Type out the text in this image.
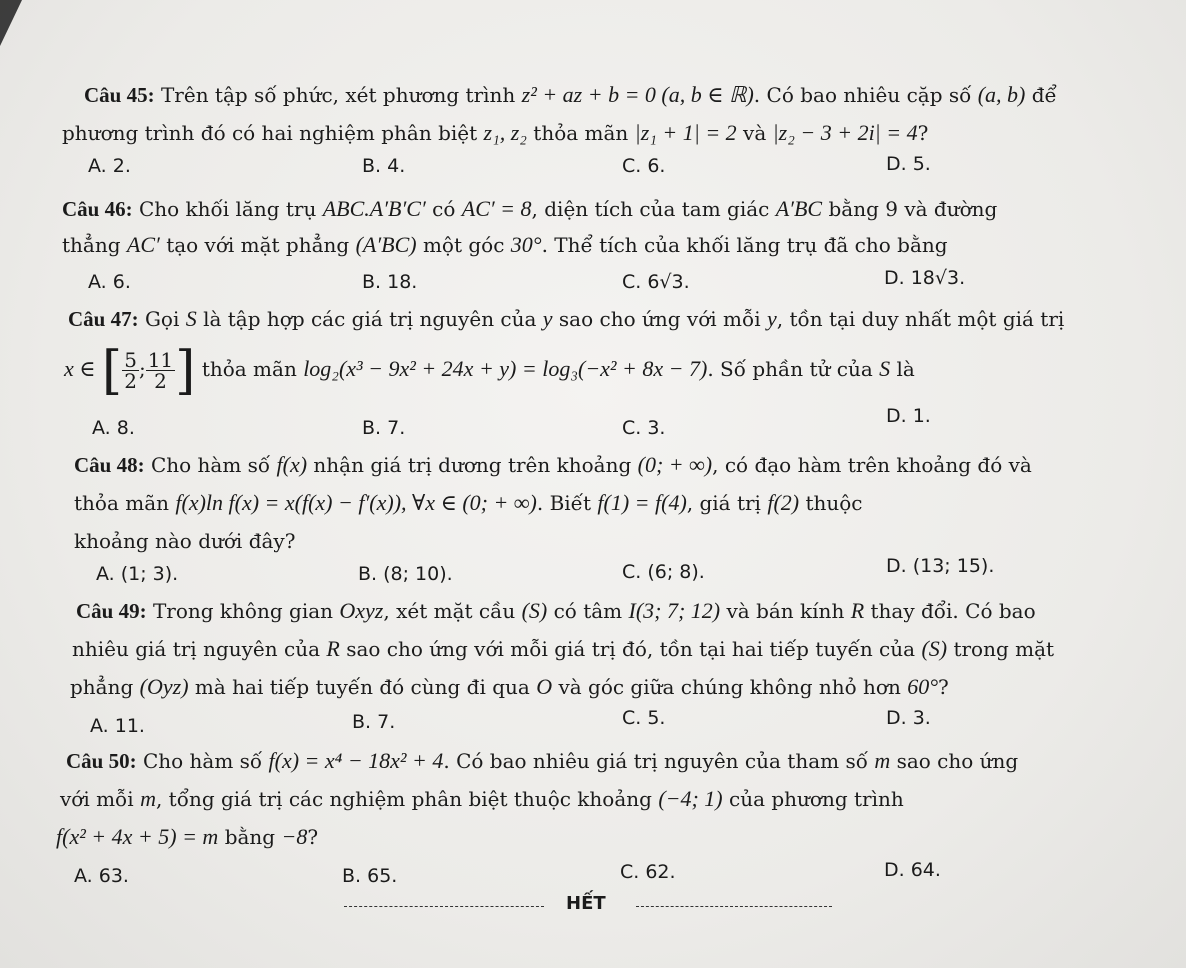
Câu 45: Trên tập số phức, xét phương trình z² + az + b = 0 (a, b ∈ ℝ). Có bao nhiêu cặp số (a, b) để
phương trình đó có hai nghiệm phân biệt z₁, z₂ thỏa mãn |z₁ + 1| = 2 và |z₂ − 3 + 2i| = 4?
A. 2.	B. 4.	C. 6.	D. 5.
Câu 46: Cho khối lăng trụ ABC.A′B′C′ có AC′ = 8, diện tích của tam giác A′BC bằng 9 và đường
thẳng AC′ tạo với mặt phẳng (A′BC) một góc 30°. Thể tích của khối lăng trụ đã cho bằng
A. 6.	B. 18.	C. 6√3.	D. 18√3.
Câu 47: Gọi S là tập hợp các giá trị nguyên của y sao cho ứng với mỗi y, tồn tại duy nhất một giá trị
x ∈ [ $\frac{5}{2}$ ; $\frac{11}{2}$ ] thỏa mãn log₂(x³ − 9x² + 24x + y) = log₃(−x² + 8x − 7). Số phần tử của S là
A. 8.	B. 7.	C. 3.
D. 1.
Câu 48: Cho hàm số f(x) nhận giá trị dương trên khoảng (0; + ∞), có đạo hàm trên khoảng đó và
thỏa mãn f(x)ln f(x) = x(f(x) − f′(x)), ∀x ∈ (0; + ∞). Biết f(1) = f(4), giá trị f(2) thuộc
khoảng nào dưới đây?
A. (1; 3).	B. (8; 10).	C. (6; 8).	D. (13; 15).
Câu 49: Trong không gian Oxyz, xét mặt cầu (S) có tâm I(3; 7; 12) và bán kính R thay đổi. Có bao
nhiêu giá trị nguyên của R sao cho ứng với mỗi giá trị đó, tồn tại hai tiếp tuyến của (S) trong mặt
phẳng (Oyz) mà hai tiếp tuyến đó cùng đi qua O và góc giữa chúng không nhỏ hơn 60°?
A. 11.	B. 7.	C. 5.	D. 3.
Câu 50: Cho hàm số f(x) = x⁴ − 18x² + 4. Có bao nhiêu giá trị nguyên của tham số m sao cho ứng
với mỗi m, tổng giá trị các nghiệm phân biệt thuộc khoảng (−4; 1) của phương trình
f(x² + 4x + 5) = m bằng −8?
A. 63.	B. 65.	C. 62.	D. 64.
HẾT
